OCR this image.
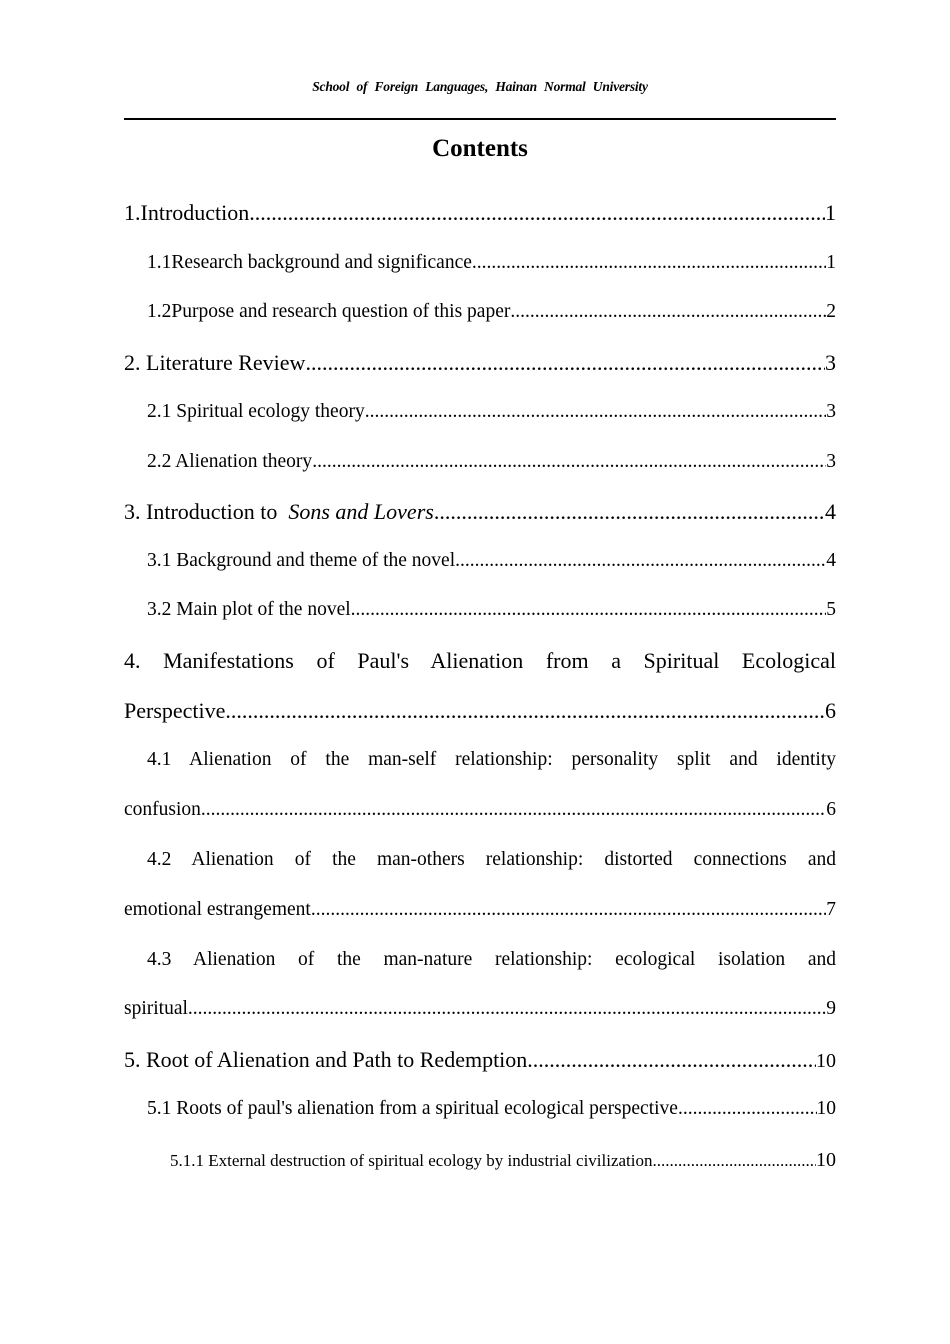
School of Foreign Languages, Hainan Normal University
Contents
1.Introduction .....	1
1.1Research background and significance .....	1
1.2Purpose and research question of this paper .....	2
2. Literature Review .....	3
2.1 Spiritual ecology theory .....	3
2.2 Alienation theory .....	3
3. Introduction to  Sons and Lovers .....	4
3.1 Background and theme of the novel .....	4
3.2 Main plot of the novel .....	5
4. Manifestations of Paul's Alienation from a Spiritual Ecological
Perspective .....	6
4.1 Alienation of the man-self relationship: personality split and identity
confusion .....	6
4.2 Alienation of the man-others relationship: distorted connections and
emotional estrangement .....	7
4.3 Alienation of the man-nature relationship: ecological isolation and
spiritual .....	9
5. Root of Alienation and Path to Redemption .....	10
5.1 Roots of paul's alienation from a spiritual ecological perspective .....	10
5.1.1 External destruction of spiritual ecology by industrial civilization .....	10
